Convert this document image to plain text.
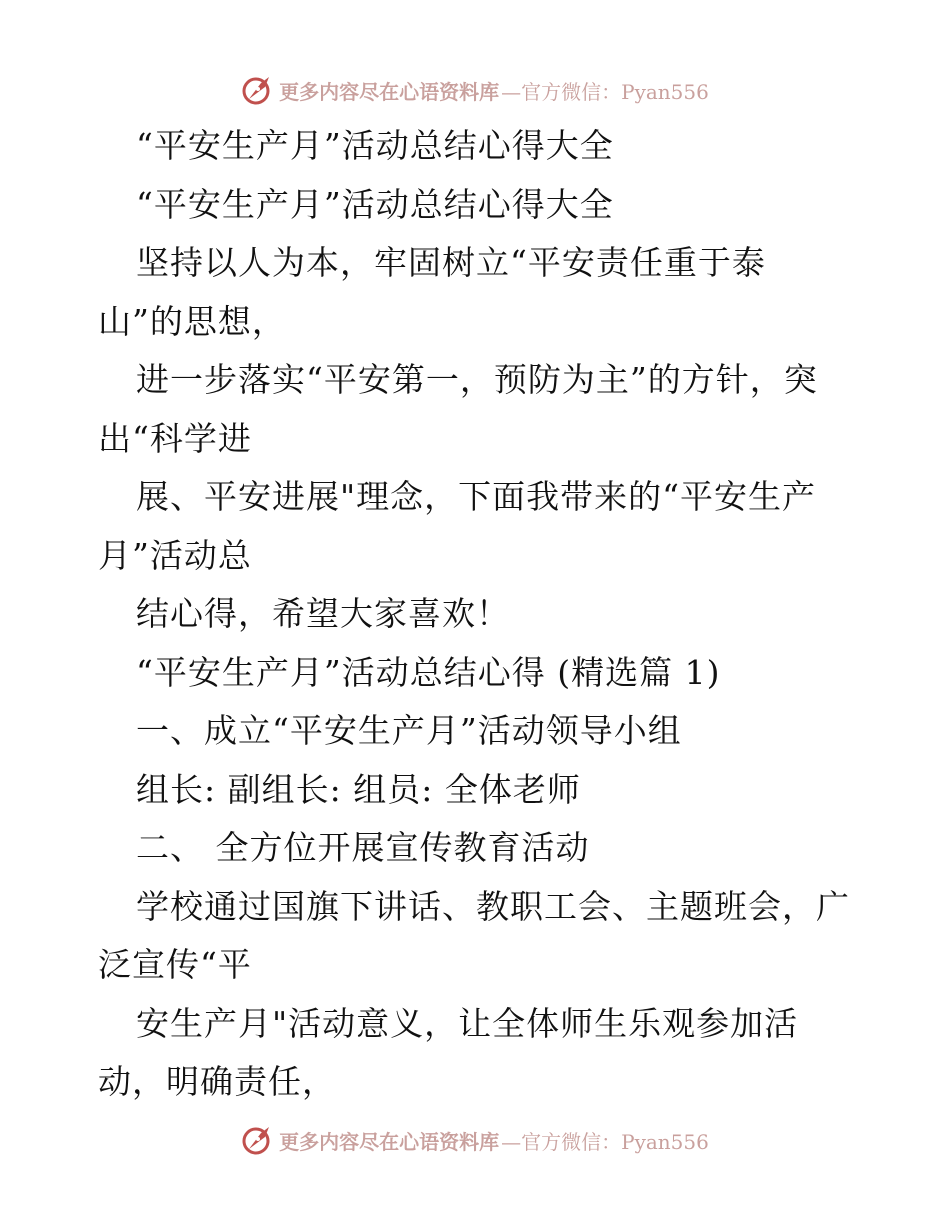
更多内容尽在心语资料库 —官方微信：Pyan556
“平安生产月”活动总结心得大全
“平安生产月”活动总结心得大全
坚持以人为本，牢固树立“平安责任重于泰
山”的思想，
进一步落实“平安第一，预防为主”的方针，突
出“科学进
展、平安进展"理念，下面我带来的“平安生产
月”活动总
结心得，希望大家喜欢！
“平安生产月”活动总结心得 (精选篇 1)
一、成立“平安生产月”活动领导小组
组长: 副组长: 组员: 全体老师
二、 全方位开展宣传教育活动
学校通过国旗下讲话、教职工会、主题班会，广
泛宣传“平
安生产月"活动意义，让全体师生乐观参加活
动，明确责任，
更多内容尽在心语资料库 —官方微信：Pyan556
